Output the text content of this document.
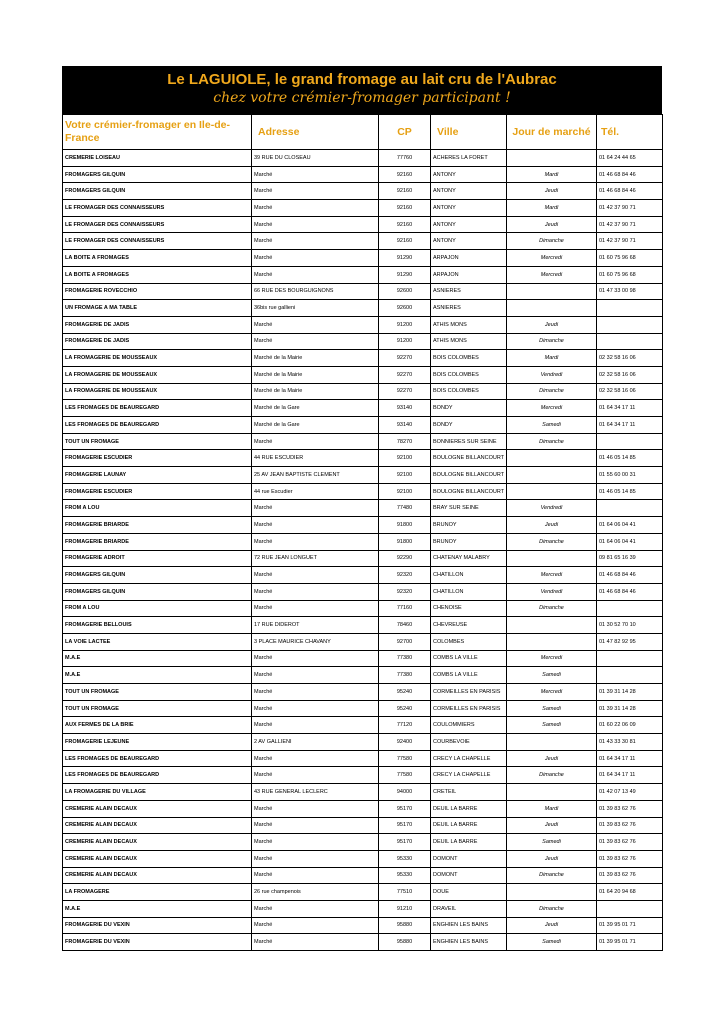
Le LAGUIOLE, le grand fromage au lait cru de l'Aubrac
chez votre crémier-fromager participant !
Votre crémier-fromager en Ile-de-France	Adresse	CP	Ville	Jour de marché	Tél.
CREMERIE LOISEAU	39 RUE DU CLOSEAU	77760	ACHERES LA FORET		01 64 24 44 65
FROMAGERS GILQUIN	Marché	92160	ANTONY	Mardi	01 46 68 84 46
FROMAGERS GILQUIN	Marché	92160	ANTONY	Jeudi	01 46 68 84 46
LE FROMAGER DES CONNAISSEURS	Marché	92160	ANTONY	Mardi	01 42 37 90 71
LE FROMAGER DES CONNAISSEURS	Marché	92160	ANTONY	Jeudi	01 42 37 90 71
LE FROMAGER DES CONNAISSEURS	Marché	92160	ANTONY	Dimanche	01 42 37 90 71
LA BOITE A FROMAGES	Marché	91290	ARPAJON	Mercredi	01 60 75 96 68
LA BOITE A FROMAGES	Marché	91290	ARPAJON	Mercredi	01 60 75 96 68
FROMAGERIE ROVECCHIO	66 RUE DES BOURGUIGNONS	92600	ASNIERES		01 47 33 00 98
UN FROMAGE A MA TABLE	36bis rue gallieni	92600	ASNIERES		
FROMAGERIE DE JADIS	Marché	91200	ATHIS MONS	Jeudi	
FROMAGERIE DE JADIS	Marché	91200	ATHIS MONS	Dimanche	
LA FROMAGERIE DE MOUSSEAUX	Marché de la Mairie	92270	BOIS COLOMBES	Mardi	02 32 58 16 06
LA FROMAGERIE DE MOUSSEAUX	Marché de la Mairie	92270	BOIS COLOMBES	Vendredi	02 32 58 16 06
LA FROMAGERIE DE MOUSSEAUX	Marché de la Mairie	92270	BOIS COLOMBES	Dimanche	02 32 58 16 06
LES FROMAGES DE BEAUREGARD	Marché de la Gare	93140	BONDY	Mercredi	01 64 34 17 11
LES FROMAGES DE BEAUREGARD	Marché de la Gare	93140	BONDY	Samedi	01 64 34 17 11
TOUT UN FROMAGE	Marché	78270	BONNIERES SUR SEINE	Dimanche	
FROMAGERIE ESCUDIER	44 RUE ESCUDIER	92100	BOULOGNE BILLANCOURT		01 46 05 14 85
FROMAGERIE LAUNAY	25 AV JEAN BAPTISTE CLEMENT	92100	BOULOGNE BILLANCOURT		01 55 60 00 31
FROMAGERIE ESCUDIER	44 rue Escudier	92100	BOULOGNE BILLANCOURT		01 46 05 14 85
FROM A LOU	Marché	77480	BRAY SUR SEINE	Vendredi	
FROMAGERIE BRIARDE	Marché	91800	BRUNOY	Jeudi	01 64 06 04 41
FROMAGERIE BRIARDE	Marché	91800	BRUNOY	Dimanche	01 64 06 04 41
FROMAGERIE ADROIT	72 RUE JEAN LONGUET	92290	CHATENAY MALABRY		09 81 65 16 39
FROMAGERS GILQUIN	Marché	92320	CHATILLON	Mercredi	01 46 68 84 46
FROMAGERS GILQUIN	Marché	92320	CHATILLON	Vendredi	01 46 68 84 46
FROM A LOU	Marché	77160	CHENOISE	Dimanche	
FROMAGERIE BELLOUIS	17 RUE DIDEROT	78460	CHEVREUSE		01 30 52 70 10
LA VOIE LACTEE	3 PLACE MAURICE CHAVANY	92700	COLOMBES		01 47 82 92 95
M.A.E	Marché	77380	COMBS LA VILLE	Mercredi	
M.A.E	Marché	77380	COMBS LA VILLE	Samedi	
TOUT UN FROMAGE	Marché	95240	CORMEILLES EN PARISIS	Mercredi	01 39 31 14 28
TOUT UN FROMAGE	Marché	95240	CORMEILLES EN PARISIS	Samedi	01 39 31 14 28
AUX FERMES DE LA BRIE	Marché	77120	COULOMMIERS	Samedi	01 60 22 06 09
FROMAGERIE LEJEUNE	2 AV GALLIENI	92400	COURBEVOIE		01 43 33 30 81
LES FROMAGES DE BEAUREGARD	Marché	77580	CRECY LA CHAPELLE	Jeudi	01 64 34 17 11
LES FROMAGES DE BEAUREGARD	Marché	77580	CRECY LA CHAPELLE	Dimanche	01 64 34 17 11
LA FROMAGERIE DU VILLAGE	43 RUE GENERAL LECLERC	94000	CRETEIL		01 42 07 13 49
CREMERIE ALAIN DECAUX	Marché	95170	DEUIL LA BARRE	Mardi	01 39 83 62 76
CREMERIE ALAIN DECAUX	Marché	95170	DEUIL LA BARRE	Jeudi	01 39 83 62 76
CREMERIE ALAIN DECAUX	Marché	95170	DEUIL LA BARRE	Samedi	01 39 83 62 76
CREMERIE ALAIN DECAUX	Marché	95330	DOMONT	Jeudi	01 39 83 62 76
CREMERIE ALAIN DECAUX	Marché	95330	DOMONT	Dimanche	01 39 83 62 76
LA FROMAGERE	26 rue champenois	77510	DOUE		01 64 20 94 68
M.A.E	Marché	91210	DRAVEIL	Dimanche	
FROMAGERIE DU VEXIN	Marché	95880	ENGHIEN LES BAINS	Jeudi	01 39 95 01 71
FROMAGERIE DU VEXIN	Marché	95880	ENGHIEN LES BAINS	Samedi	01 39 95 01 71
